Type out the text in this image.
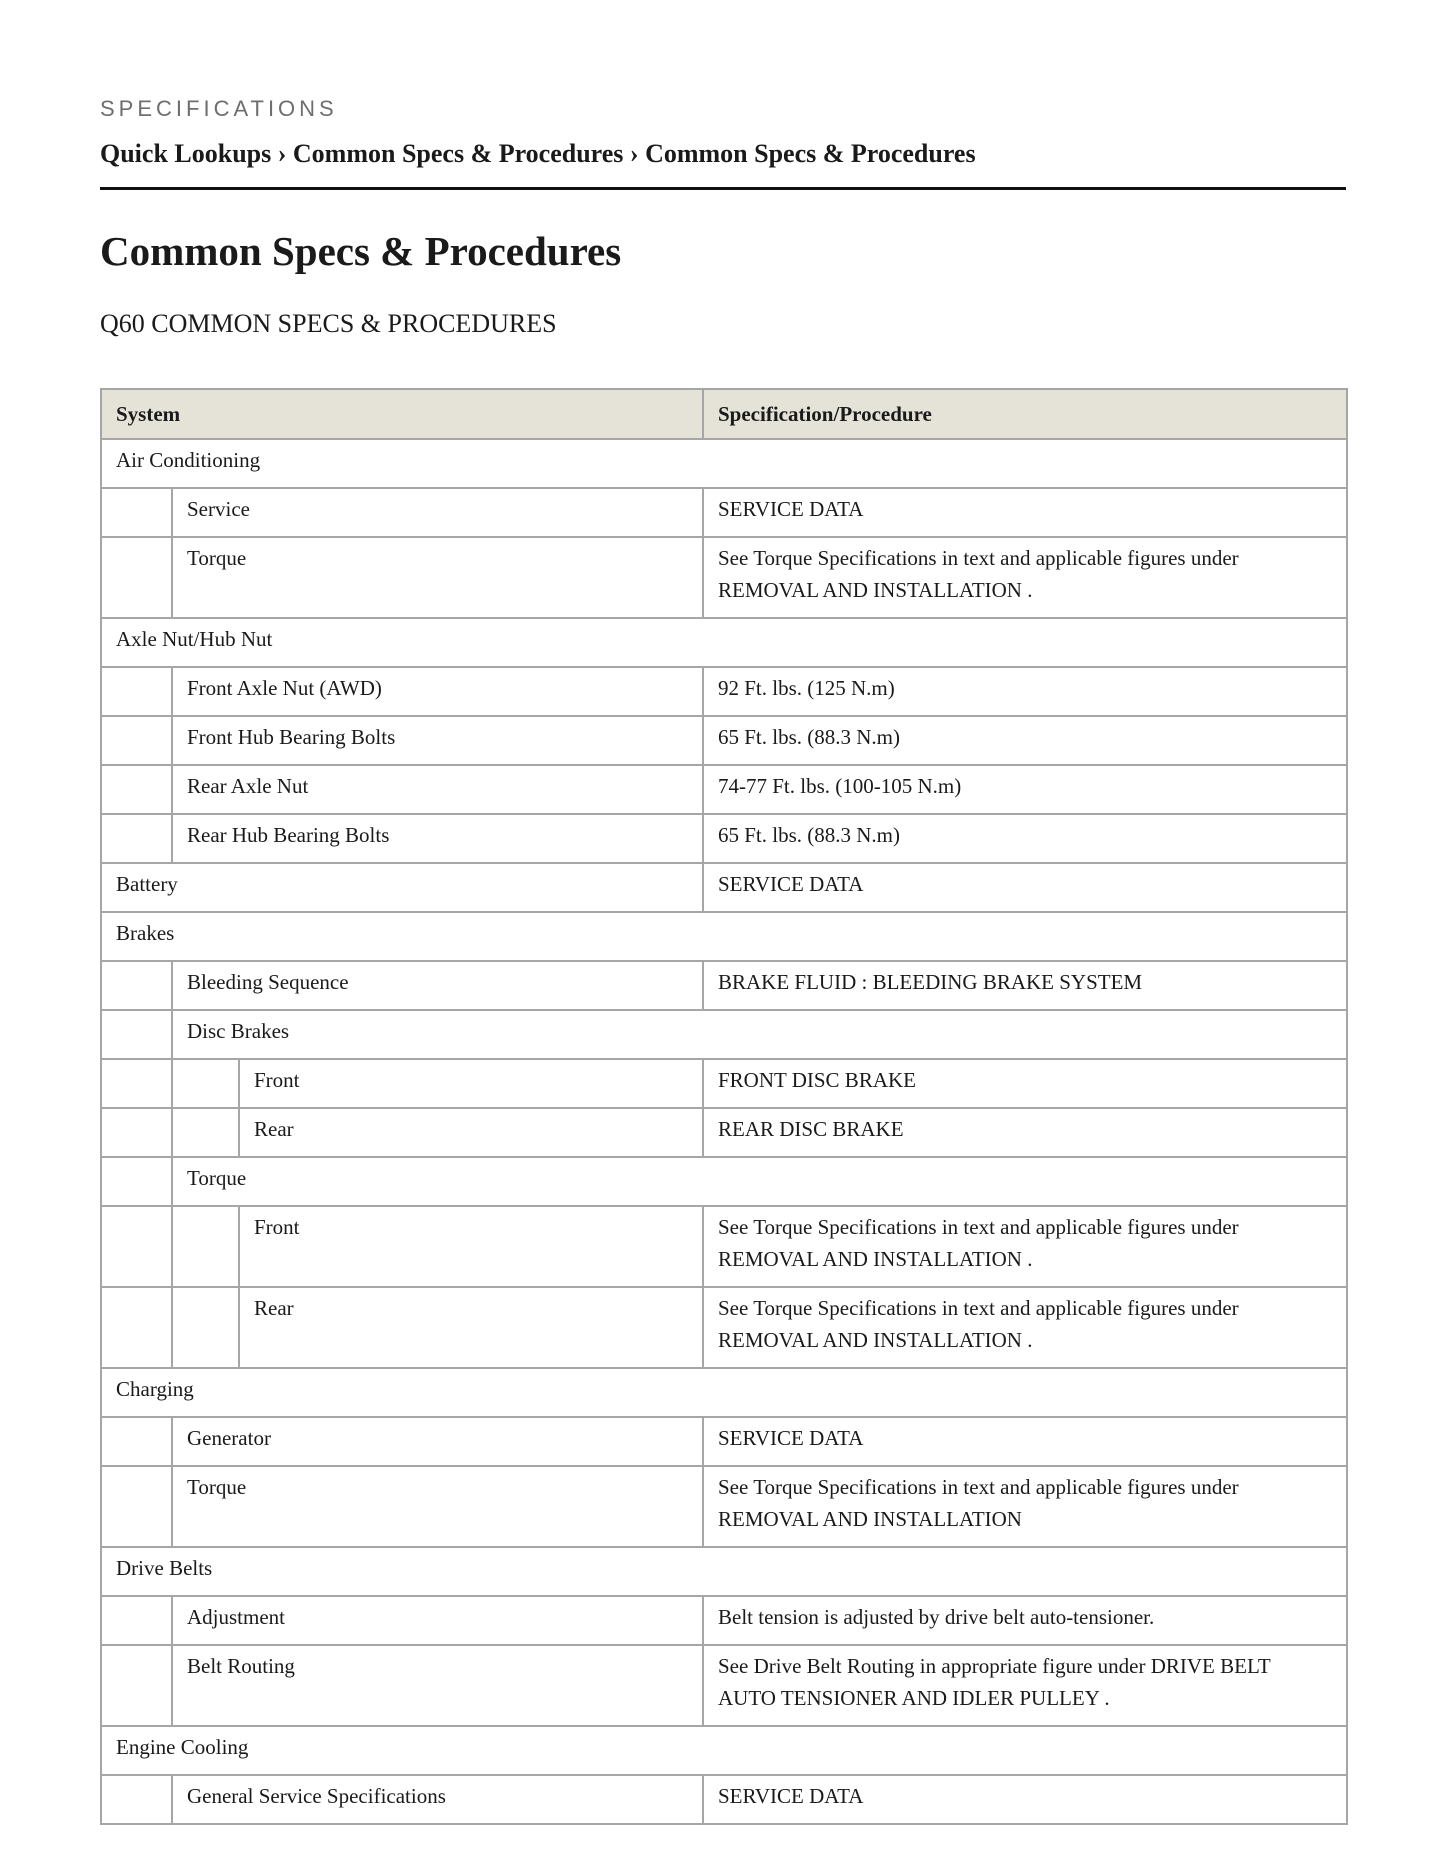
SPECIFICATIONS
Quick Lookups › Common Specs & Procedures › Common Specs & Procedures
Common Specs & Procedures
Q60 COMMON SPECS & PROCEDURES
System			Specification/Procedure
Air Conditioning			
	Service		SERVICE DATA
	Torque		See Torque Specifications in text and applicable figures under REMOVAL AND INSTALLATION .
Axle Nut/Hub Nut			
	Front Axle Nut (AWD)		92 Ft. lbs. (125 N.m)
	Front Hub Bearing Bolts		65 Ft. lbs. (88.3 N.m)
	Rear Axle Nut		74-77 Ft. lbs. (100-105 N.m)
	Rear Hub Bearing Bolts		65 Ft. lbs. (88.3 N.m)
Battery			SERVICE DATA
Brakes			
	Bleeding Sequence		BRAKE FLUID : BLEEDING BRAKE SYSTEM
	Disc Brakes		
		Front	FRONT DISC BRAKE
		Rear	REAR DISC BRAKE
	Torque		
		Front	See Torque Specifications in text and applicable figures under REMOVAL AND INSTALLATION .
		Rear	See Torque Specifications in text and applicable figures under REMOVAL AND INSTALLATION .
Charging			
	Generator		SERVICE DATA
	Torque		See Torque Specifications in text and applicable figures under REMOVAL AND INSTALLATION
Drive Belts			
	Adjustment		Belt tension is adjusted by drive belt auto-tensioner.
	Belt Routing		See Drive Belt Routing in appropriate figure under DRIVE BELT AUTO TENSIONER AND IDLER PULLEY .
Engine Cooling			
	General Service Specifications		SERVICE DATA
